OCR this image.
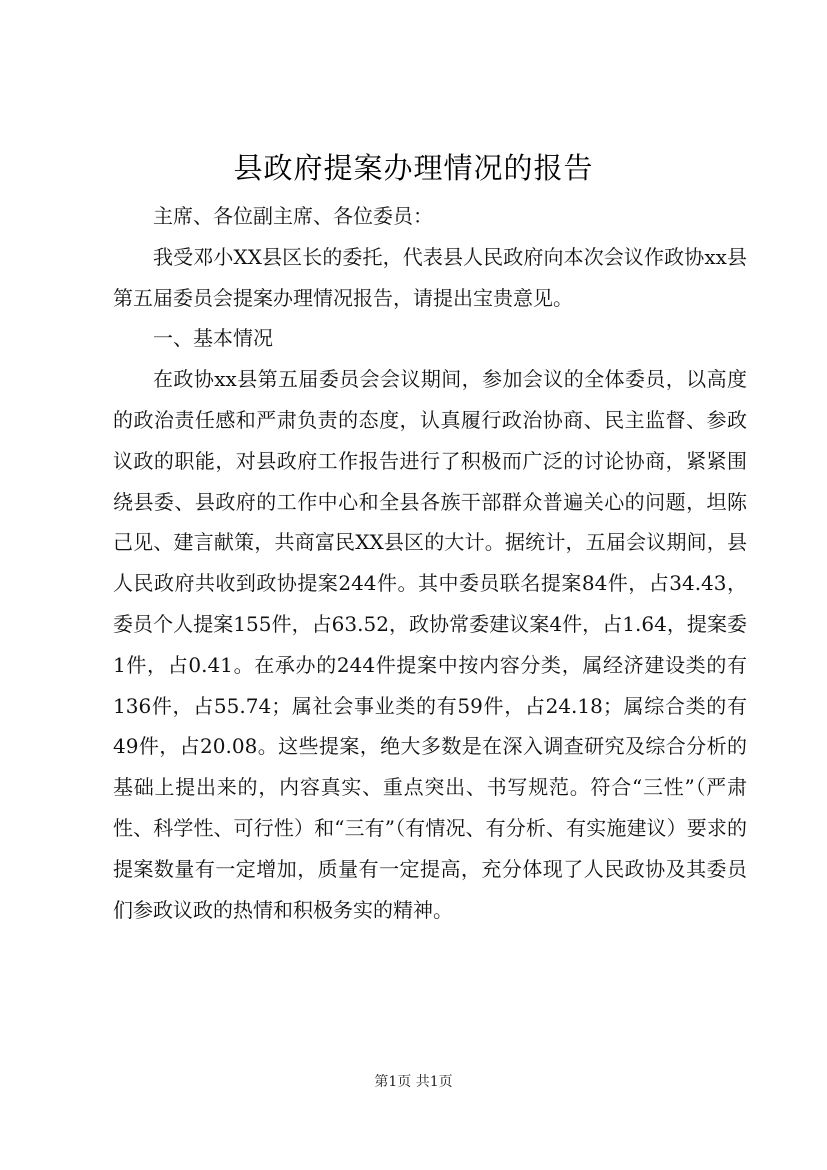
县政府提案办理情况的报告

主席、各位副主席、各位委员：

我受邓小XX县区长的委托，代表县人民政府向本次会议作政协xx县第五届委员会提案办理情况报告，请提出宝贵意见。

一、基本情况

在政协xx县第五届委员会会议期间，参加会议的全体委员，以高度的政治责任感和严肃负责的态度，认真履行政治协商、民主监督、参政议政的职能，对县政府工作报告进行了积极而广泛的讨论协商，紧紧围绕县委、县政府的工作中心和全县各族干部群众普遍关心的问题，坦陈己见、建言献策，共商富民XX县区的大计。据统计，五届会议期间，县人民政府共收到政协提案244件。其中委员联名提案84件，占34.43，委员个人提案155件，占63.52，政协常委建议案4件，占1.64，提案委1件，占0.41。在承办的244件提案中按内容分类，属经济建设类的有136件，占55.74；属社会事业类的有59件，占24.18；属综合类的有49件，占20.08。这些提案，绝大多数是在深入调查研究及综合分析的基础上提出来的，内容真实、重点突出、书写规范。符合“三性”（严肃性、科学性、可行性）和“三有”（有情况、有分析、有实施建议）要求的提案数量有一定增加，质量有一定提高，充分体现了人民政协及其委员们参政议政的热情和积极务实的精神。

第1页 共1页
